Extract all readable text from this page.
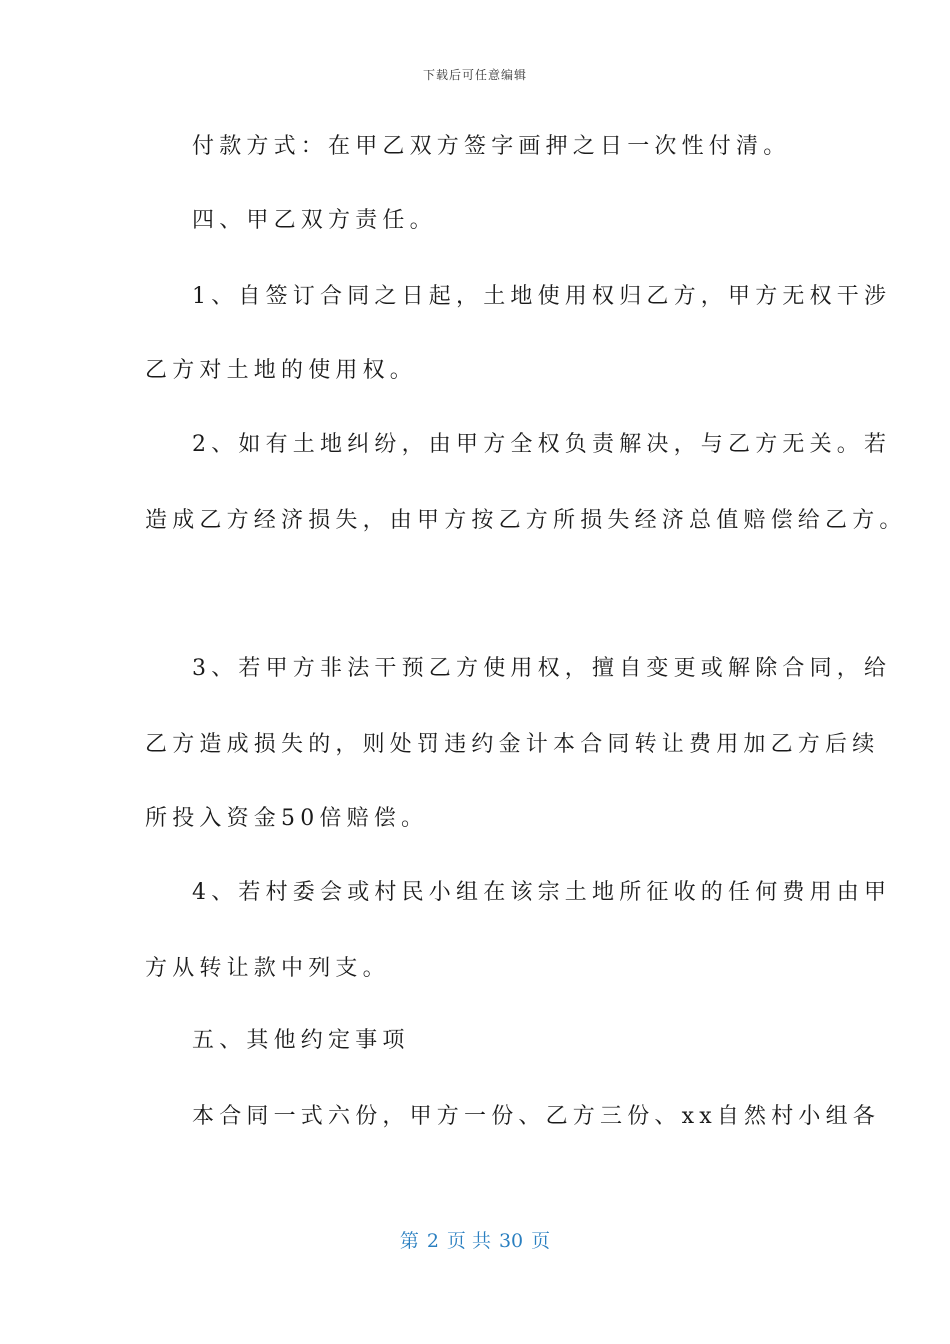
下载后可任意编辑
付款方式：在甲乙双方签字画押之日一次性付清。
四、甲乙双方责任。
1、自签订合同之日起，土地使用权归乙方，甲方无权干涉
乙方对土地的使用权。
2、如有土地纠纷，由甲方全权负责解决，与乙方无关。若
造成乙方经济损失，由甲方按乙方所损失经济总值赔偿给乙方。
3、若甲方非法干预乙方使用权，擅自变更或解除合同，给
乙方造成损失的，则处罚违约金计本合同转让费用加乙方后续
所投入资金50倍赔偿。
4、若村委会或村民小组在该宗土地所征收的任何费用由甲
方从转让款中列支。
五、其他约定事项
本合同一式六份，甲方一份、乙方三份、xx自然村小组各
第 2 页 共 30 页
